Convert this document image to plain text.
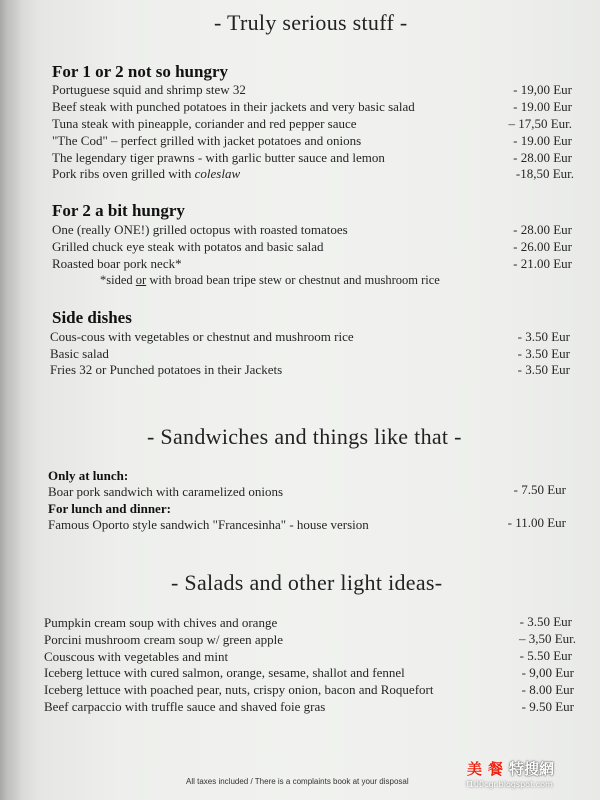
- Truly serious stuff -
For 1 or 2 not so hungry
Portuguese squid and shrimp stew 32	- 19,00 Eur
Beef steak with punched potatoes in their jackets and very basic salad	- 19.00 Eur
Tuna steak with pineapple, coriander and red pepper sauce	– 17,50 Eur.
"The Cod" – perfect grilled with jacket potatoes and onions	- 19.00 Eur
The legendary tiger prawns - with garlic butter sauce and lemon	- 28.00 Eur
Pork ribs oven grilled with coleslaw	-18,50 Eur.
For 2 a bit hungry
One (really ONE!) grilled octopus with roasted tomatoes	- 28.00 Eur
Grilled chuck eye steak with potatos and basic salad	- 26.00 Eur
Roasted boar pork neck*	- 21.00 Eur
*sided or with broad bean tripe stew or chestnut and mushroom rice
Side dishes
Cous-cous with vegetables or chestnut and mushroom rice	- 3.50 Eur
Basic salad	- 3.50 Eur
Fries 32 or Punched potatoes in their Jackets	- 3.50 Eur
- Sandwiches and things like that -
Only at lunch:
Boar pork sandwich with caramelized onions	- 7.50 Eur
For lunch and dinner:
Famous Oporto style sandwich "Francesinha" - house version	- 11.00 Eur
- Salads and other light ideas-
Pumpkin cream soup with chives and orange	- 3.50 Eur
Porcini mushroom cream soup w/ green apple	– 3,50 Eur.
Couscous with vegetables and mint	- 5.50 Eur
Iceberg lettuce with cured salmon, orange, sesame, shallot and fennel	- 9,00 Eur
Iceberg lettuce with poached pear, nuts, crispy onion, bacon and Roquefort	- 8.00 Eur
Beef carpaccio with truffle sauce and shaved foie gras	- 9.50 Eur
All taxes included / There is a complaints book at your disposal
美 餐 特搜網
f100cgr.blogspot.com
